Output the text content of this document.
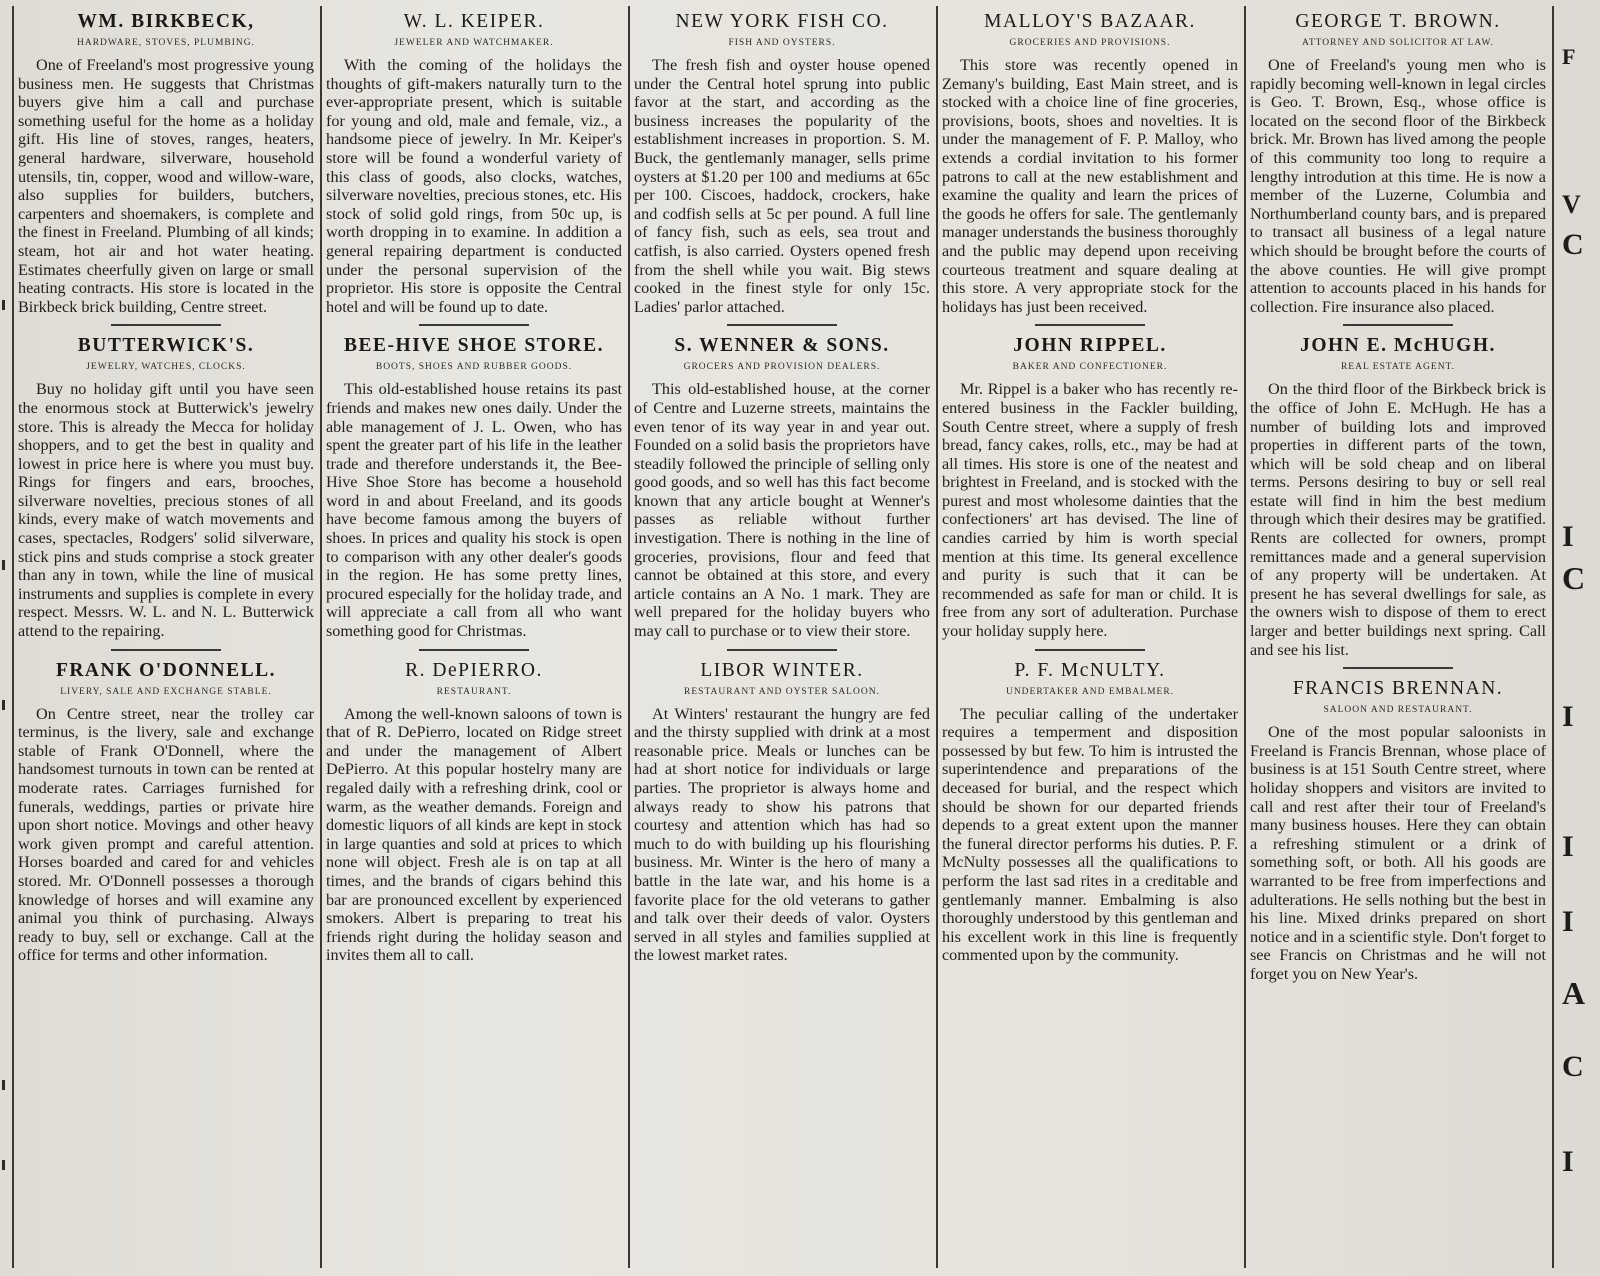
WM. BIRKBECK,
HARDWARE, STOVES, PLUMBING.

One of Freeland's most progressive young business men. He suggests that Christmas buyers give him a call and purchase something useful for the home as a holiday gift. His line of stoves, ranges, heaters, general hardware, silverware, household utensils, tin, copper, wood and willow-ware, also supplies for builders, butchers, carpenters and shoemakers, is complete and the finest in Freeland. Plumbing of all kinds; steam, hot air and hot water heating. Estimates cheerfully given on large or small heating contracts. His store is located in the Birkbeck brick building, Centre street.

BUTTERWICK'S.
JEWELRY, WATCHES, CLOCKS.

Buy no holiday gift until you have seen the enormous stock at Butterwick's jewelry store. This is already the Mecca for holiday shoppers, and to get the best in quality and lowest in price here is where you must buy. Rings for fingers and ears, brooches, silverware novelties, precious stones of all kinds, every make of watch movements and cases, spectacles, Rodgers' solid silverware, stick pins and studs comprise a stock greater than any in town, while the line of musical instruments and supplies is complete in every respect. Messrs. W. L. and N. L. Butterwick attend to the repairing.

FRANK O'DONNELL.
LIVERY, SALE AND EXCHANGE STABLE.

On Centre street, near the trolley car terminus, is the livery, sale and exchange stable of Frank O'Donnell, where the handsomest turnouts in town can be rented at moderate rates. Carriages furnished for funerals, weddings, parties or private hire upon short notice. Movings and other heavy work given prompt and careful attention. Horses boarded and cared for and vehicles stored. Mr. O'Donnell possesses a thorough knowledge of horses and will examine any animal you think of purchasing. Always ready to buy, sell or exchange. Call at the office for terms and other information.

W. L. KEIPER.
JEWELER AND WATCHMAKER.

With the coming of the holidays the thoughts of gift-makers naturally turn to the ever-appropriate present, which is suitable for young and old, male and female, viz., a handsome piece of jewelry. In Mr. Keiper's store will be found a wonderful variety of this class of goods, also clocks, watches, silverware novelties, precious stones, etc. His stock of solid gold rings, from 50c up, is worth dropping in to examine. In addition a general repairing department is conducted under the personal supervision of the proprietor. His store is opposite the Central hotel and will be found up to date.

BEE-HIVE SHOE STORE.
BOOTS, SHOES AND RUBBER GOODS.

This old-established house retains its past friends and makes new ones daily. Under the able management of J. L. Owen, who has spent the greater part of his life in the leather trade and therefore understands it, the Bee-Hive Shoe Store has become a household word in and about Freeland, and its goods have become famous among the buyers of shoes. In prices and quality his stock is open to comparison with any other dealer's goods in the region. He has some pretty lines, procured especially for the holiday trade, and will appreciate a call from all who want something good for Christmas.

R. DePIERRO.
RESTAURANT.

Among the well-known saloons of town is that of R. DePierro, located on Ridge street and under the management of Albert DePierro. At this popular hostelry many are regaled daily with a refreshing drink, cool or warm, as the weather demands. Foreign and domestic liquors of all kinds are kept in stock in large quanties and sold at prices to which none will object. Fresh ale is on tap at all times, and the brands of cigars behind this bar are pronounced excellent by experienced smokers. Albert is preparing to treat his friends right during the holiday season and invites them all to call.

NEW YORK FISH CO.
FISH AND OYSTERS.

The fresh fish and oyster house opened under the Central hotel sprung into public favor at the start, and according as the business increases the popularity of the establishment increases in proportion. S. M. Buck, the gentlemanly manager, sells prime oysters at $1.20 per 100 and mediums at 65c per 100. Ciscoes, haddock, crockers, hake and codfish sells at 5c per pound. A full line of fancy fish, such as eels, sea trout and catfish, is also carried. Oysters opened fresh from the shell while you wait. Big stews cooked in the finest style for only 15c. Ladies' parlor attached.

S. WENNER & SONS.
GROCERS AND PROVISION DEALERS.

This old-established house, at the corner of Centre and Luzerne streets, maintains the even tenor of its way year in and year out. Founded on a solid basis the proprietors have steadily followed the principle of selling only good goods, and so well has this fact become known that any article bought at Wenner's passes as reliable without further investigation. There is nothing in the line of groceries, provisions, flour and feed that cannot be obtained at this store, and every article contains an A No. 1 mark. They are well prepared for the holiday buyers who may call to purchase or to view their store.

LIBOR WINTER.
RESTAURANT AND OYSTER SALOON.

At Winters' restaurant the hungry are fed and the thirsty supplied with drink at a most reasonable price. Meals or lunches can be had at short notice for individuals or large parties. The proprietor is always home and always ready to show his patrons that courtesy and attention which has had so much to do with building up his flourishing business. Mr. Winter is the hero of many a battle in the late war, and his home is a favorite place for the old veterans to gather and talk over their deeds of valor. Oysters served in all styles and families supplied at the lowest market rates.

MALLOY'S BAZAAR.
GROCERIES AND PROVISIONS.

This store was recently opened in Zemany's building, East Main street, and is stocked with a choice line of fine groceries, provisions, boots, shoes and novelties. It is under the management of F. P. Malloy, who extends a cordial invitation to his former patrons to call at the new establishment and examine the quality and learn the prices of the goods he offers for sale. The gentlemanly manager understands the business thoroughly and the public may depend upon receiving courteous treatment and square dealing at this store. A very appropriate stock for the holidays has just been received.

JOHN RIPPEL.
BAKER AND CONFECTIONER.

Mr. Rippel is a baker who has recently re-entered business in the Fackler building, South Centre street, where a supply of fresh bread, fancy cakes, rolls, etc., may be had at all times. His store is one of the neatest and brightest in Freeland, and is stocked with the purest and most wholesome dainties that the confectioners' art has devised. The line of candies carried by him is worth special mention at this time. Its general excellence and purity is such that it can be recommended as safe for man or child. It is free from any sort of adulteration. Purchase your holiday supply here.

P. F. McNULTY.
UNDERTAKER AND EMBALMER.

The peculiar calling of the undertaker requires a temperment and disposition possessed by but few. To him is intrusted the superintendence and preparations of the deceased for burial, and the respect which should be shown for our departed friends depends to a great extent upon the manner the funeral director performs his duties. P. F. McNulty possesses all the qualifications to perform the last sad rites in a creditable and gentlemanly manner. Embalming is also thoroughly understood by this gentleman and his excellent work in this line is frequently commented upon by the community.

GEORGE T. BROWN.
ATTORNEY AND SOLICITOR AT LAW.

One of Freeland's young men who is rapidly becoming well-known in legal circles is Geo. T. Brown, Esq., whose office is located on the second floor of the Birkbeck brick. Mr. Brown has lived among the people of this community too long to require a lengthy introdution at this time. He is now a member of the Luzerne, Columbia and Northumberland county bars, and is prepared to transact all business of a legal nature which should be brought before the courts of the above counties. He will give prompt attention to accounts placed in his hands for collection. Fire insurance also placed.

JOHN E. McHUGH.
REAL ESTATE AGENT.

On the third floor of the Birkbeck brick is the office of John E. McHugh. He has a number of building lots and improved properties in different parts of the town, which will be sold cheap and on liberal terms. Persons desiring to buy or sell real estate will find in him the best medium through which their desires may be gratified. Rents are collected for owners, prompt remittances made and a general supervision of any property will be undertaken. At present he has several dwellings for sale, as the owners wish to dispose of them to erect larger and better buildings next spring. Call and see his list.

FRANCIS BRENNAN.
SALOON AND RESTAURANT.

One of the most popular saloonists in Freeland is Francis Brennan, whose place of business is at 151 South Centre street, where holiday shoppers and visitors are invited to call and rest after their tour of Freeland's many business houses. Here they can obtain a refreshing stimulent or a drink of something soft, or both. All his goods are warranted to be free from imperfections and adulterations. He sells nothing but the best in his line. Mixed drinks prepared on short notice and in a scientific style. Don't forget to see Francis on Christmas and he will not forget you on New Year's.

F
V
C
I
C
I
I
I
A
C
I
